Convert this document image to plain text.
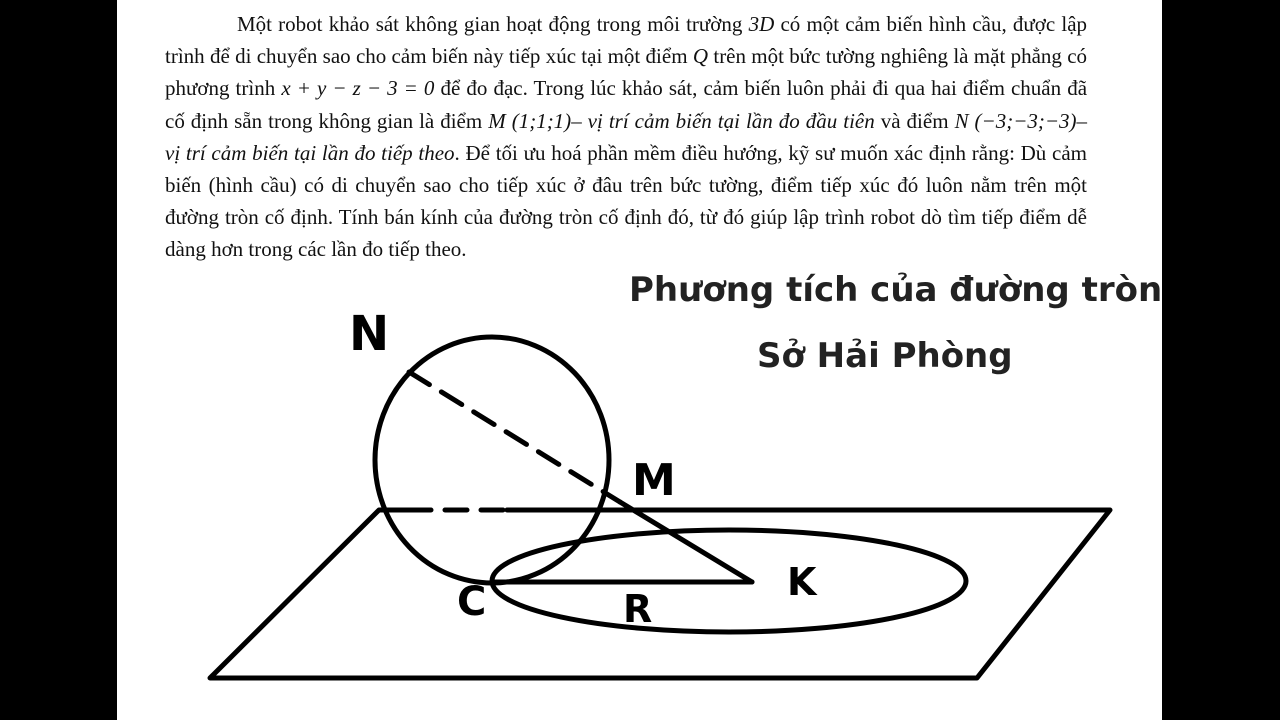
Một robot khảo sát không gian hoạt động trong môi trường 3D có một cảm biến hình cầu, được lập trình để di chuyển sao cho cảm biến này tiếp xúc tại một điểm Q trên một bức tường nghiêng là mặt phẳng có phương trình x + y − z − 3 = 0 để đo đạc. Trong lúc khảo sát, cảm biến luôn phải đi qua hai điểm chuẩn đã cố định sẵn trong không gian là điểm M (1;1;1)– vị trí cảm biến tại lần đo đầu tiên và điểm N (−3;−3;−3)– vị trí cảm biến tại lần đo tiếp theo. Để tối ưu hoá phần mềm điều hướng, kỹ sư muốn xác định rằng: Dù cảm biến (hình cầu) có di chuyển sao cho tiếp xúc ở đâu trên bức tường, điểm tiếp xúc đó luôn nằm trên một đường tròn cố định. Tính bán kính của đường tròn cố định đó, từ đó giúp lập trình robot dò tìm tiếp điểm dễ dàng hơn trong các lần đo tiếp theo.

Phương tích của đường tròn
Sở Hải Phòng
N
M
K
C	R
